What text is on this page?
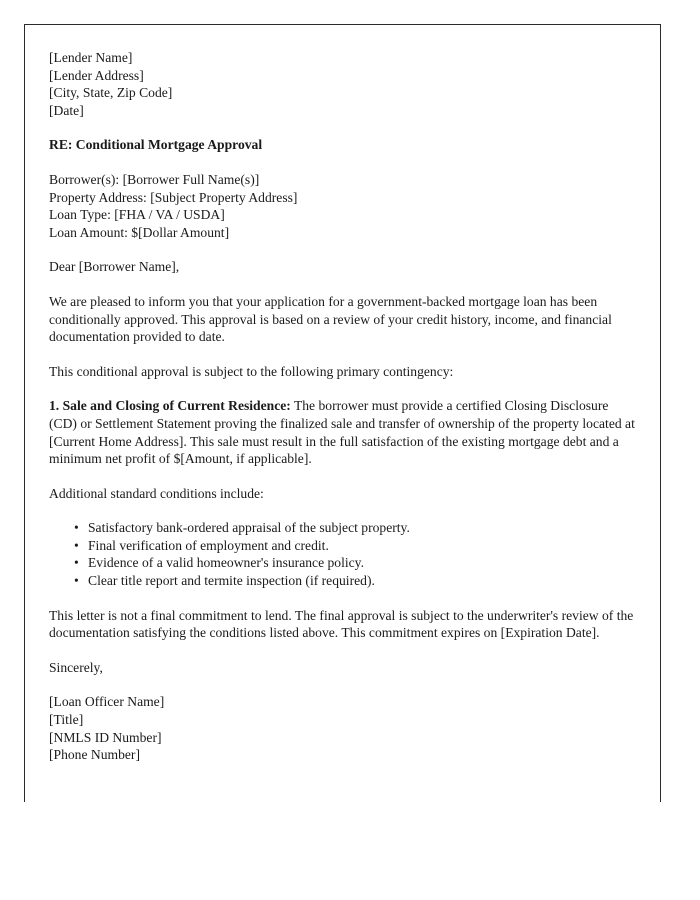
[Lender Name]
[Lender Address]
[City, State, Zip Code]
[Date]
RE: Conditional Mortgage Approval
Borrower(s): [Borrower Full Name(s)]
Property Address: [Subject Property Address]
Loan Type: [FHA / VA / USDA]
Loan Amount: $[Dollar Amount]

Dear [Borrower Name],

We are pleased to inform you that your application for a government-backed mortgage loan has been conditionally approved. This approval is based on a review of your credit history, income, and financial documentation provided to date.

This conditional approval is subject to the following primary contingency:

1. Sale and Closing of Current Residence: The borrower must provide a certified Closing Disclosure (CD) or Settlement Statement proving the finalized sale and transfer of ownership of the property located at [Current Home Address]. This sale must result in the full satisfaction of the existing mortgage debt and a minimum net profit of $[Amount, if applicable].

Additional standard conditions include:

• Satisfactory bank-ordered appraisal of the subject property.
• Final verification of employment and credit.
• Evidence of a valid homeowner's insurance policy.
• Clear title report and termite inspection (if required).

This letter is not a final commitment to lend. The final approval is subject to the underwriter's review of the documentation satisfying the conditions listed above. This commitment expires on [Expiration Date].

Sincerely,

[Loan Officer Name]
[Title]
[NMLS ID Number]
[Phone Number]
